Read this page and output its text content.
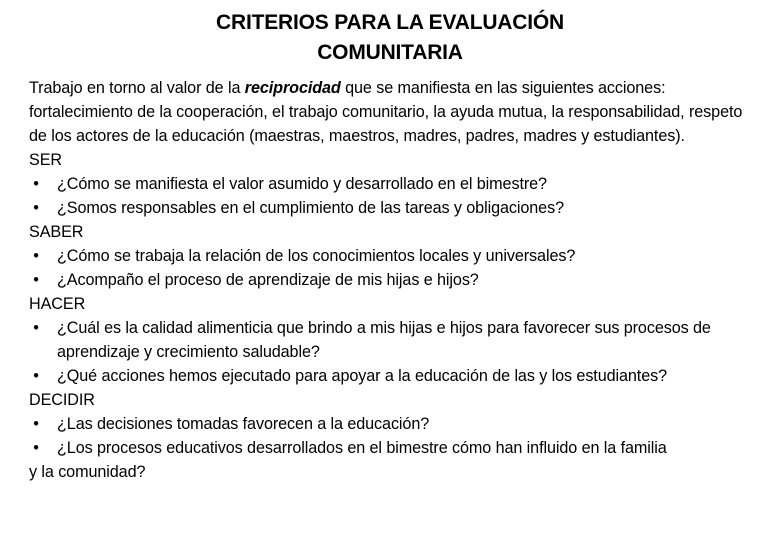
CRITERIOS PARA LA EVALUACIÓN
COMUNITARIA

Trabajo en torno al valor de la reciprocidad que se manifiesta en las siguientes acciones: fortalecimiento de la cooperación, el trabajo comunitario, la ayuda mutua, la responsabilidad, respeto de los actores de la educación (maestras, maestros, madres, padres, madres y estudiantes).

SER

• ¿Cómo se manifiesta el valor asumido y desarrollado en el bimestre?

• ¿Somos responsables en el cumplimiento de las tareas y obligaciones?

SABER

• ¿Cómo se trabaja la relación de los conocimientos locales y universales?

• ¿Acompaño el proceso de aprendizaje de mis hijas e hijos?

HACER

• ¿Cuál es la calidad alimenticia que brindo a mis hijas e hijos para favorecer sus procesos de aprendizaje y crecimiento saludable?

• ¿Qué acciones hemos ejecutado para apoyar a la educación de las y los estudiantes?

DECIDIR

• ¿Las decisiones tomadas favorecen a la educación?

• ¿Los procesos educativos desarrollados en el bimestre cómo han influido en la familia

y la comunidad?
